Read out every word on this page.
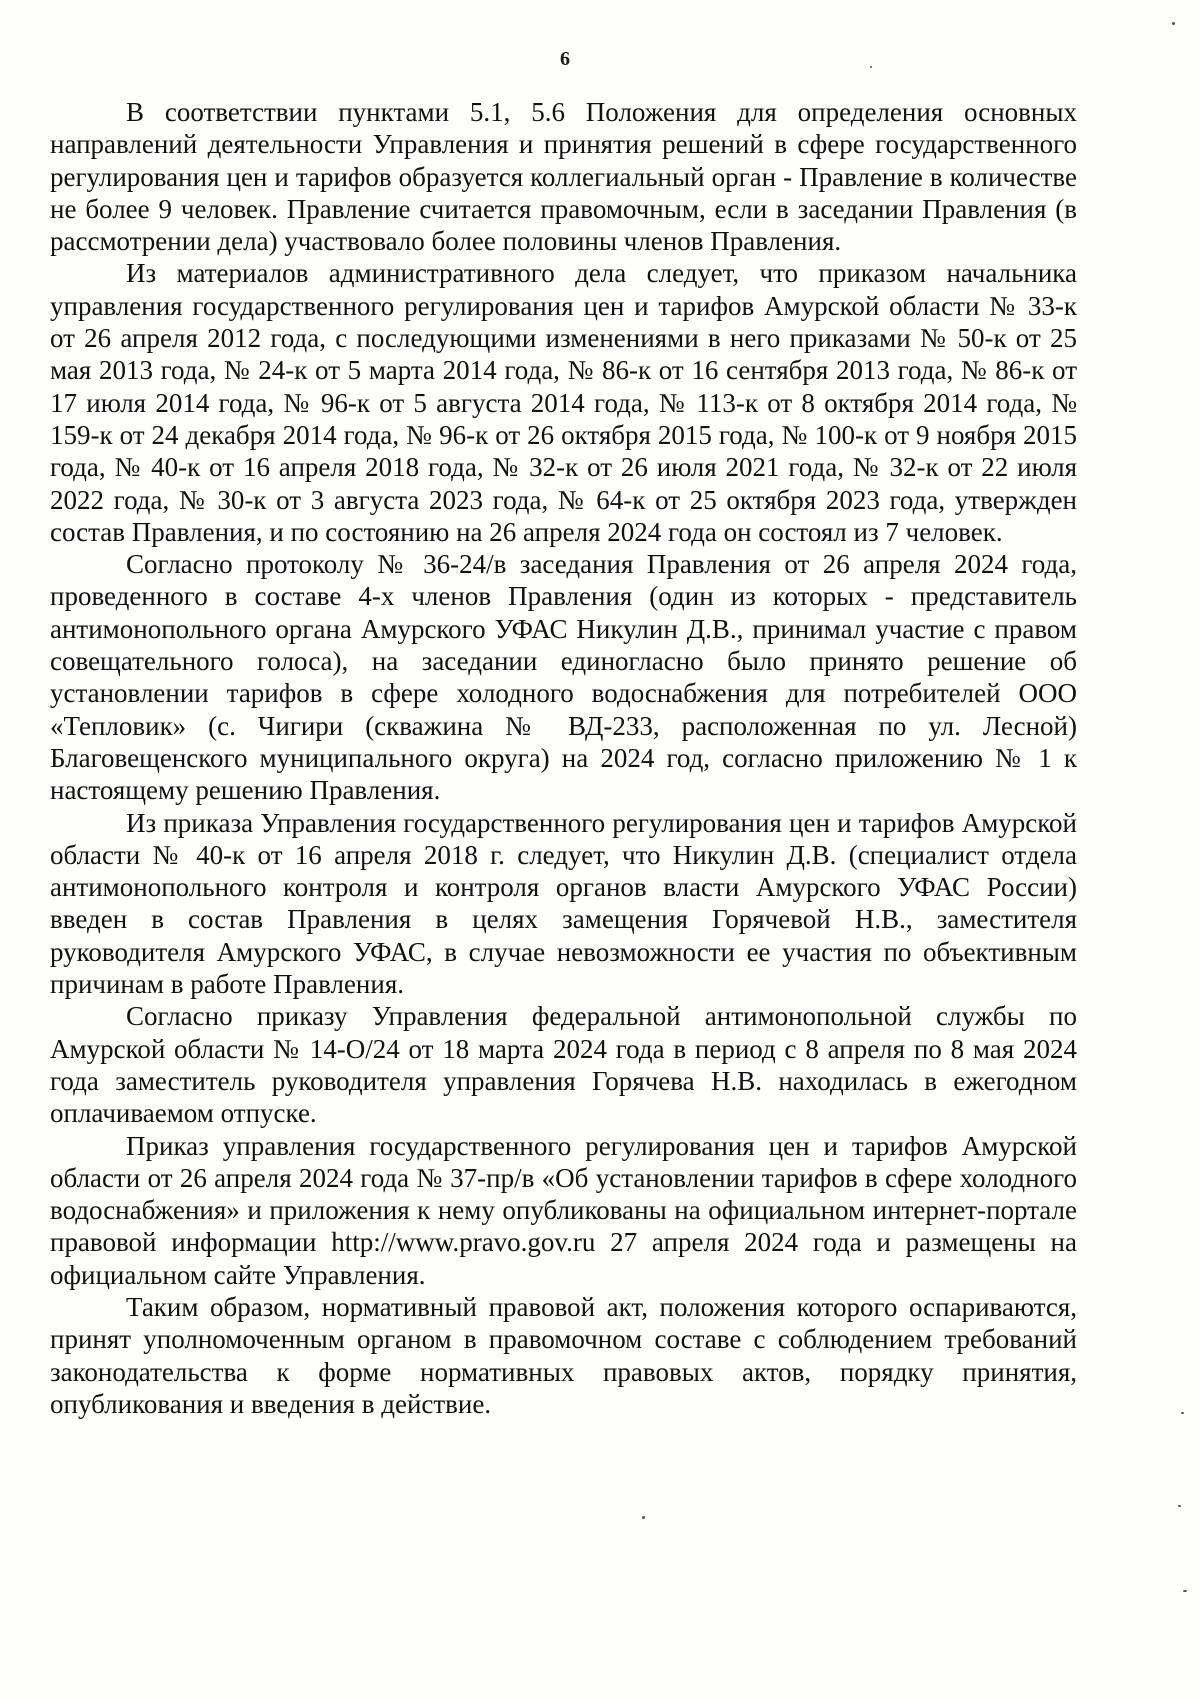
6

В соответствии пунктами 5.1, 5.6 Положения для определения основных направлений деятельности Управления и принятия решений в сфере государственного регулирования цен и тарифов образуется коллегиальный орган - Правление в количестве не более 9 человек. Правление считается правомочным, если в заседании Правления (в рассмотрении дела) участвовало более половины членов Правления.

Из материалов административного дела следует, что приказом начальника управления государственного регулирования цен и тарифов Амурской области № 33-к от 26 апреля 2012 года, с последующими изменениями в него приказами № 50-к от 25 мая 2013 года, № 24-к от 5 марта 2014 года, № 86-к от 16 сентября 2013 года, № 86-к от 17 июля 2014 года, № 96-к от 5 августа 2014 года, № 113-к от 8 октября 2014 года, № 159-к от 24 декабря 2014 года, № 96-к от 26 октября 2015 года, № 100-к от 9 ноября 2015 года, № 40-к от 16 апреля 2018 года, № 32-к от 26 июля 2021 года, № 32-к от 22 июля 2022 года, № 30-к от 3 августа 2023 года, № 64-к от 25 октября 2023 года, утвержден состав Правления, и по состоянию на 26 апреля 2024 года он состоял из 7 человек.

Согласно протоколу № 36-24/в заседания Правления от 26 апреля 2024 года, проведенного в составе 4-х членов Правления (один из которых - представитель антимонопольного органа Амурского УФАС Никулин Д.В., принимал участие с правом совещательного голоса), на заседании единогласно было принято решение об установлении тарифов в сфере холодного водоснабжения для потребителей ООО «Тепловик» (с. Чигири (скважина № ВД-233, расположенная по ул. Лесной) Благовещенского муниципального округа) на 2024 год, согласно приложению № 1 к настоящему решению Правления.

Из приказа Управления государственного регулирования цен и тарифов Амурской области № 40-к от 16 апреля 2018 г. следует, что Никулин Д.В. (специалист отдела антимонопольного контроля и контроля органов власти Амурского УФАС России) введен в состав Правления в целях замещения Горячевой Н.В., заместителя руководителя Амурского УФАС, в случае невозможности ее участия по объективным причинам в работе Правления.

Согласно приказу Управления федеральной антимонопольной службы по Амурской области № 14-О/24 от 18 марта 2024 года в период с 8 апреля по 8 мая 2024 года заместитель руководителя управления Горячева Н.В. находилась в ежегодном оплачиваемом отпуске.

Приказ управления государственного регулирования цен и тарифов Амурской области от 26 апреля 2024 года № 37-пр/в «Об установлении тарифов в сфере холодного водоснабжения» и приложения к нему опубликованы на официальном интернет-портале правовой информации http://www.pravo.gov.ru 27 апреля 2024 года и размещены на официальном сайте Управления.

Таким образом, нормативный правовой акт, положения которого оспариваются, принят уполномоченным органом в правомочном составе с соблюдением требований законодательства к форме нормативных правовых актов, порядку принятия, опубликования и введения в действие.
